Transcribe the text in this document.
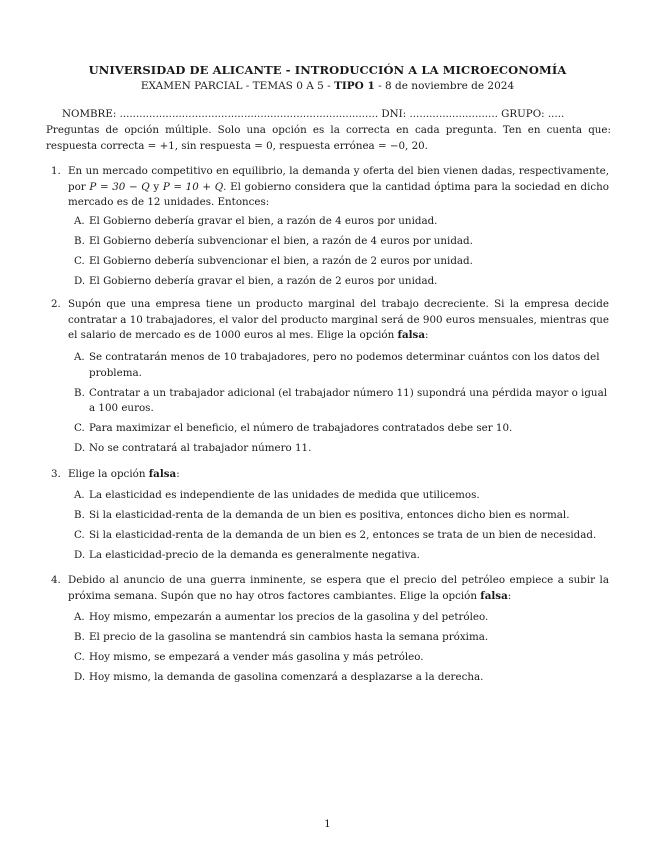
UNIVERSIDAD DE ALICANTE - INTRODUCCIÓN A LA MICROECONOMÍA
EXAMEN PARCIAL - TEMAS 0 A 5 - TIPO 1 - 8 de noviembre de 2024
NOMBRE: ............................................................................... DNI: ........................... GRUPO: .....
Preguntas de opción múltiple. Solo una opción es la correcta en cada pregunta. Ten en cuenta que: respuesta correcta = +1, sin respuesta = 0, respuesta errónea = −0, 20.
1. En un mercado competitivo en equilibrio, la demanda y oferta del bien vienen dadas, respectivamente, por P = 30 − Q y P = 10 + Q. El gobierno considera que la cantidad óptima para la sociedad en dicho mercado es de 12 unidades. Entonces:
A. El Gobierno debería gravar el bien, a razón de 4 euros por unidad.
B. El Gobierno debería subvencionar el bien, a razón de 4 euros por unidad.
C. El Gobierno debería subvencionar el bien, a razón de 2 euros por unidad.
D. El Gobierno debería gravar el bien, a razón de 2 euros por unidad.
2. Supón que una empresa tiene un producto marginal del trabajo decreciente. Si la empresa decide contratar a 10 trabajadores, el valor del producto marginal será de 900 euros mensuales, mientras que el salario de mercado es de 1000 euros al mes. Elige la opción falsa:
A. Se contratarán menos de 10 trabajadores, pero no podemos determinar cuántos con los datos del problema.
B. Contratar a un trabajador adicional (el trabajador número 11) supondrá una pérdida mayor o igual a 100 euros.
C. Para maximizar el beneficio, el número de trabajadores contratados debe ser 10.
D. No se contratará al trabajador número 11.
3. Elige la opción falsa:
A. La elasticidad es independiente de las unidades de medida que utilicemos.
B. Si la elasticidad-renta de la demanda de un bien es positiva, entonces dicho bien es normal.
C. Si la elasticidad-renta de la demanda de un bien es 2, entonces se trata de un bien de necesidad.
D. La elasticidad-precio de la demanda es generalmente negativa.
4. Debido al anuncio de una guerra inminente, se espera que el precio del petróleo empiece a subir la próxima semana. Supón que no hay otros factores cambiantes. Elige la opción falsa:
A. Hoy mismo, empezarán a aumentar los precios de la gasolina y del petróleo.
B. El precio de la gasolina se mantendrá sin cambios hasta la semana próxima.
C. Hoy mismo, se empezará a vender más gasolina y más petróleo.
D. Hoy mismo, la demanda de gasolina comenzará a desplazarse a la derecha.
1
